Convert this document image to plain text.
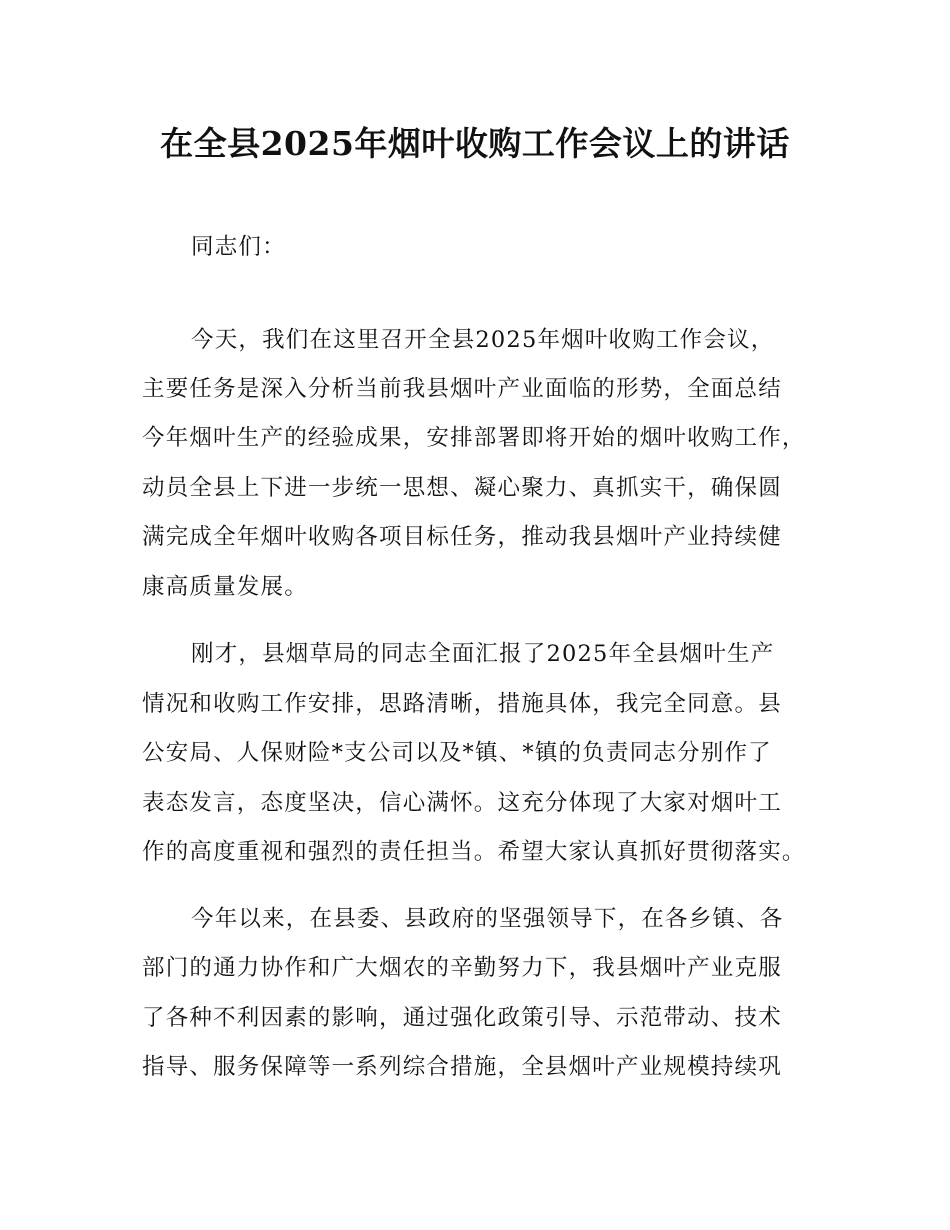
在全县2025年烟叶收购工作会议上的讲话
同志们：
今天，我们在这里召开全县2025年烟叶收购工作会议，
主要任务是深入分析当前我县烟叶产业面临的形势，全面总结
今年烟叶生产的经验成果，安排部署即将开始的烟叶收购工作，
动员全县上下进一步统一思想、凝心聚力、真抓实干，确保圆
满完成全年烟叶收购各项目标任务，推动我县烟叶产业持续健
康高质量发展。
刚才，县烟草局的同志全面汇报了2025年全县烟叶生产
情况和收购工作安排，思路清晰，措施具体，我完全同意。县
公安局、人保财险*支公司以及*镇、*镇的负责同志分别作了
表态发言，态度坚决，信心满怀。这充分体现了大家对烟叶工
作的高度重视和强烈的责任担当。希望大家认真抓好贯彻落实。
今年以来，在县委、县政府的坚强领导下，在各乡镇、各
部门的通力协作和广大烟农的辛勤努力下，我县烟叶产业克服
了各种不利因素的影响，通过强化政策引导、示范带动、技术
指导、服务保障等一系列综合措施，全县烟叶产业规模持续巩
